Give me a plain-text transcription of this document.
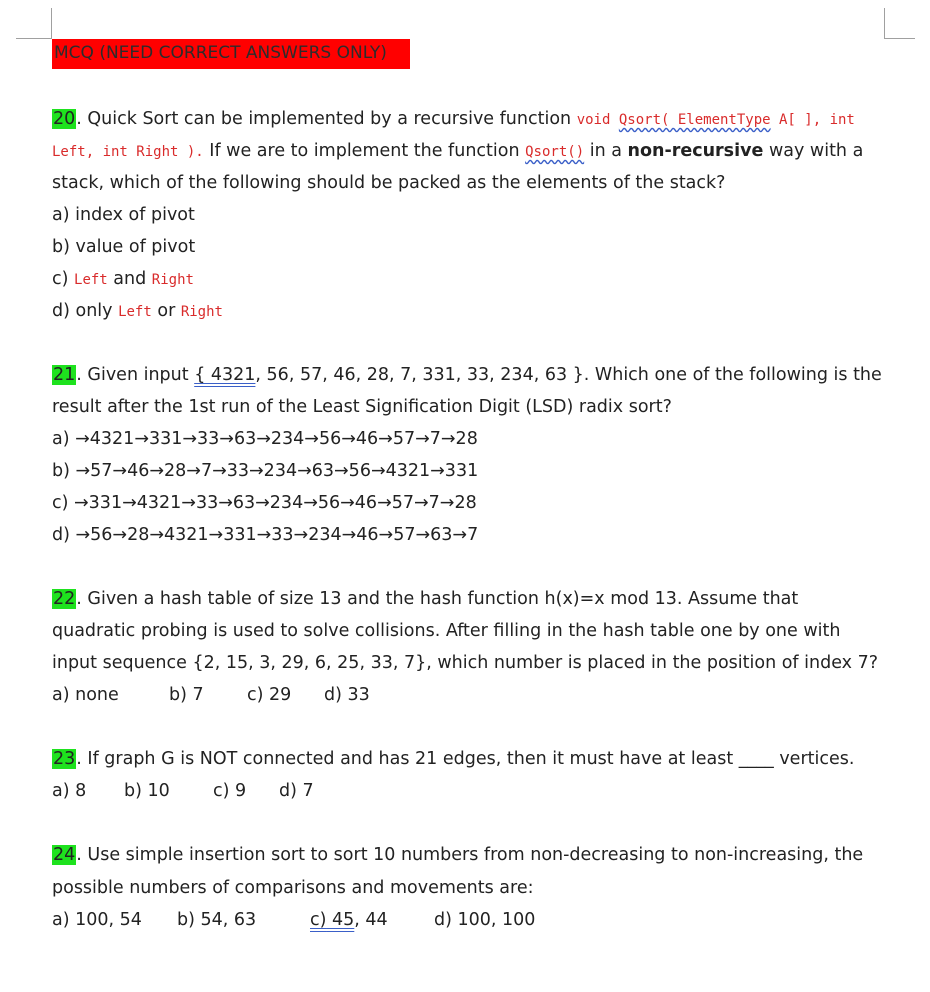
MCQ (NEED CORRECT ANSWERS ONLY)
20. Quick Sort can be implemented by a recursive function void Qsort( ElementType A[ ], int
Left, int Right ). If we are to implement the function Qsort() in a non-recursive way with a
stack, which of the following should be packed as the elements of the stack?
a) index of pivot
b) value of pivot
c) Left and Right
d) only Left or Right
21. Given input { 4321, 56, 57, 46, 28, 7, 331, 33, 234, 63 }. Which one of the following is the
result after the 1st run of the Least Signification Digit (LSD) radix sort?
a) →4321→331→33→63→234→56→46→57→7→28
b) →57→46→28→7→33→234→63→56→4321→331
c) →331→4321→33→63→234→56→46→57→7→28
d) →56→28→4321→331→33→234→46→57→63→7
22. Given a hash table of size 13 and the hash function h(x)=x mod 13. Assume that
quadratic probing is used to solve collisions. After filling in the hash table one by one with
input sequence {2, 15, 3, 29, 6, 25, 33, 7}, which number is placed in the position of index 7?
a) none	b) 7 c) 29 d) 33
23. If graph G is NOT connected and has 21 edges, then it must have at least ____ vertices.
a) 8 b) 10 c) 9 d) 7
24. Use simple insertion sort to sort 10 numbers from non-decreasing to non-increasing, the
possible numbers of comparisons and movements are:
a) 100, 54 b) 54, 63	c) 45, 44	d) 100, 100
